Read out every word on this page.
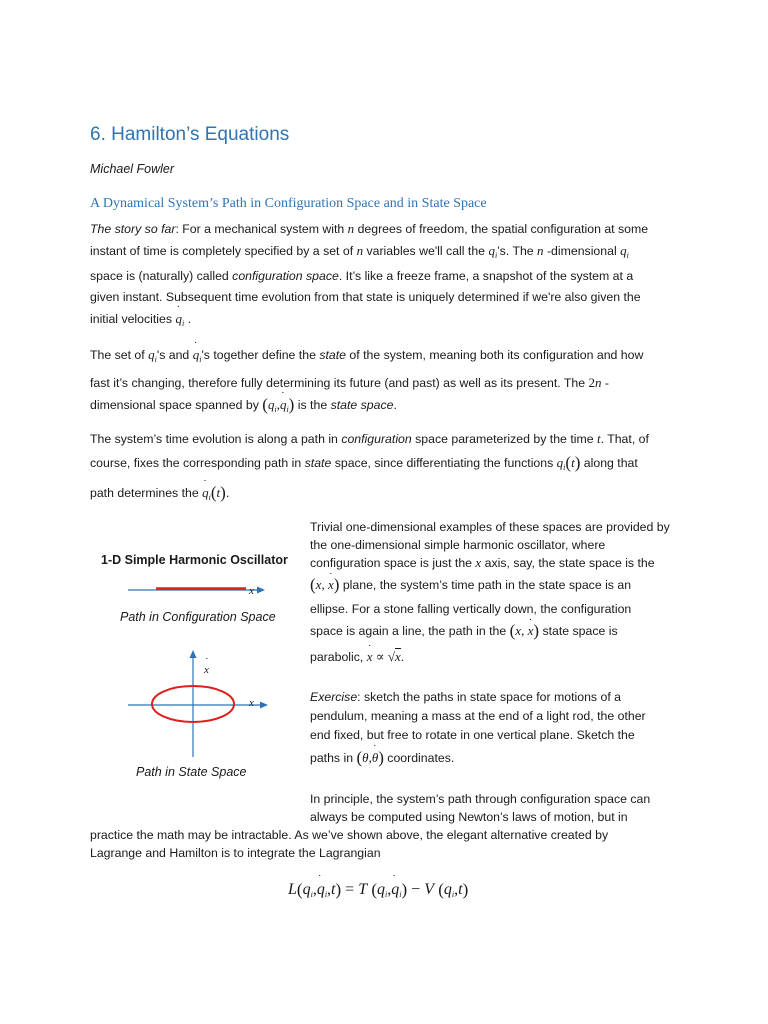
6. Hamilton’s Equations
Michael Fowler
A Dynamical System’s Path in Configuration Space and in State Space
The story so far: For a mechanical system with n degrees of freedom, the spatial configuration at some
instant of time is completely specified by a set of n variables we'll call the $q_i’s$. The n -dimensional $q_i$
space is (naturally) called configuration space. It’s like a freeze frame, a snapshot of the system at a
given instant. Subsequent time evolution from that state is uniquely determined if we're also given the
initial velocities q $˙_i$ .
The set of $q_i's$ and q $˙_i's$ together define the state of the system, meaning both its configuration and how
fast it’s changing, therefore fully determining its future (and past) as well as its present. The 2n -
dimensional space spanned by ($q_i,q$ $˙_i$) is the state space.
The system’s time evolution is along a path in configuration space parameterized by the time t. That, of
course, fixes the corresponding path in state space, since differentiating the functions $q_i(t)$ along that
path determines the q $˙_i(t)$.
1-D Simple Harmonic Oscillator
x
Path in Configuration Space
x ˙
x
Path in State Space
Trivial one-dimensional examples of these spaces are provided by
the one-dimensional simple harmonic oscillator, where
configuration space is just the x axis, say, the state space is the
(x, x ˙) plane, the system’s time path in the state space is an
ellipse. For a stone falling vertically down, the configuration
space is again a line, the path in the (x, x ˙) state space is
parabolic, x ˙ ∝ √x.
Exercise: sketch the paths in state space for motions of a
pendulum, meaning a mass at the end of a light rod, the other
end fixed, but free to rotate in one vertical plane. Sketch the
paths in (θ,θ ˙) coordinates.
In principle, the system’s path through configuration space can
always be computed using Newton’s laws of motion, but in
practice the math may be intractable. As we’ve shown above, the elegant alternative created by
Lagrange and Hamilton is to integrate the Lagrangian
$L(q_i,q$ $˙_i,t) = T$ ($q_i,q$ $˙_i) - V$ $(q_i,t)$
